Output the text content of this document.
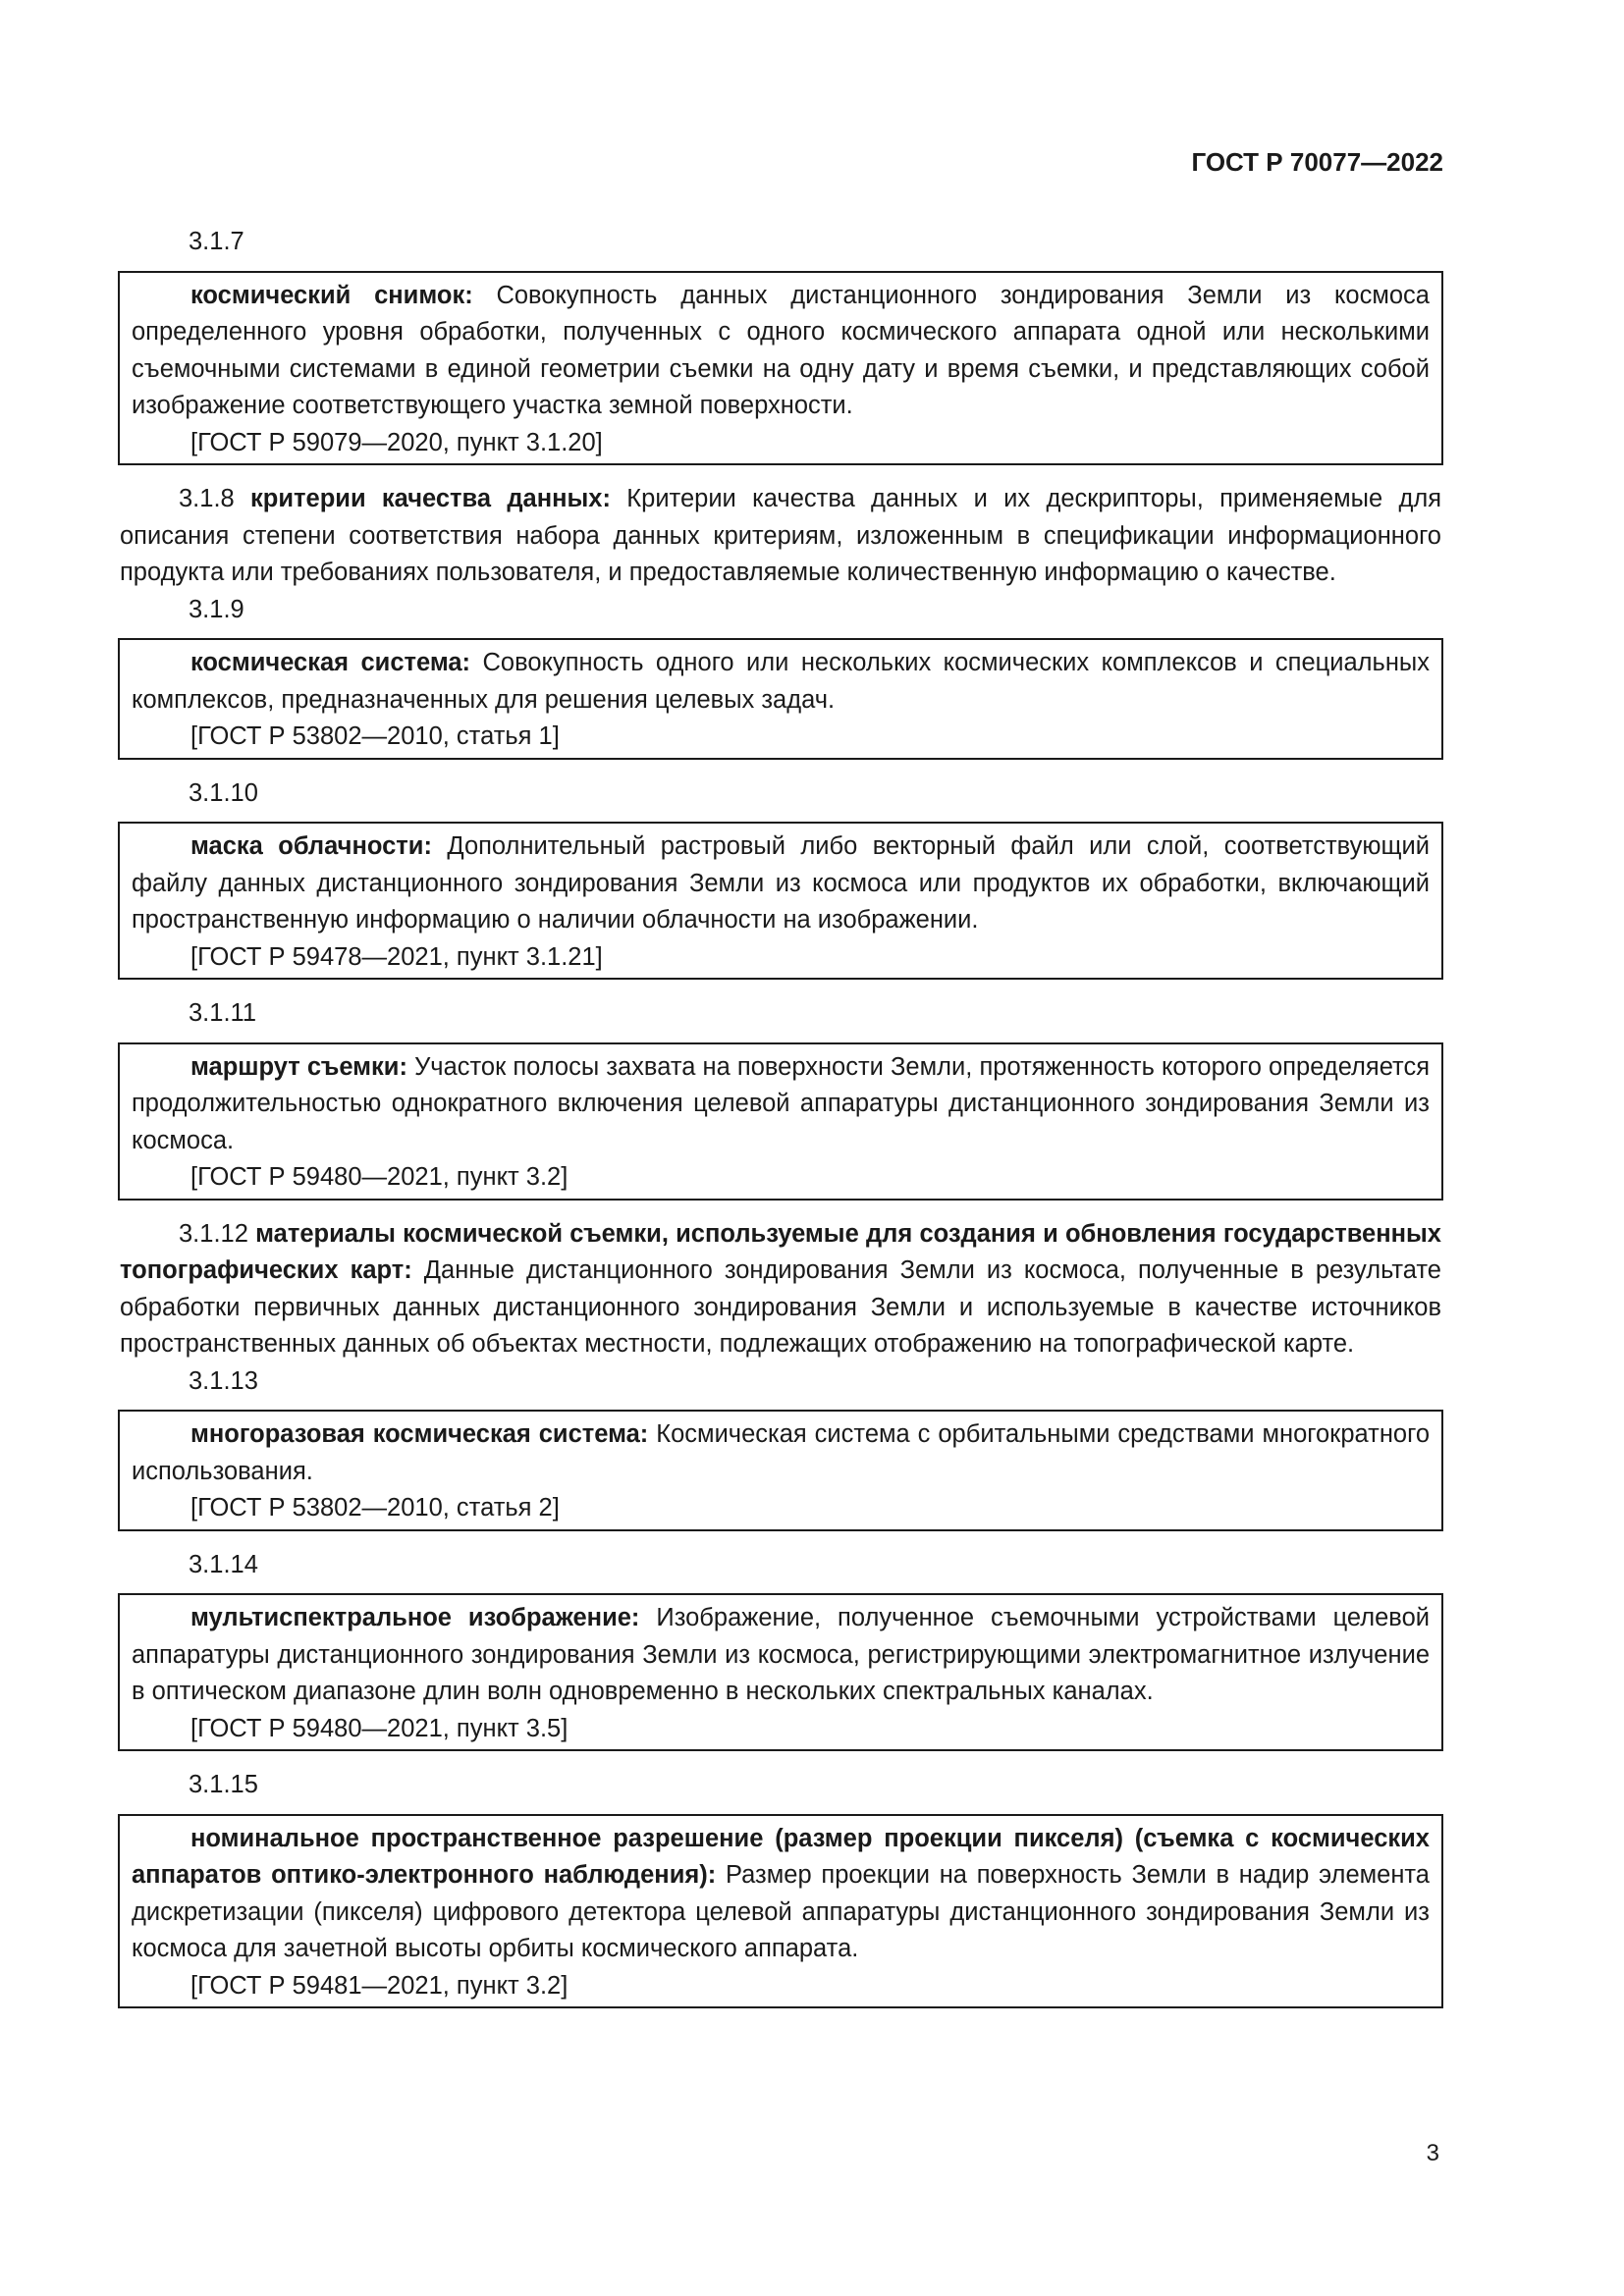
ГОСТ Р 70077—2022
3.1.7

космический снимок: Совокупность данных дистанционного зондирования Земли из космоса определенного уровня обработки, полученных с одного космического аппарата одной или несколькими съемочными системами в единой геометрии съемки на одну дату и время съемки, и представляющих собой изображение соответствующего участка земной поверхности.

[ГОСТ Р 59079—2020, пункт 3.1.20]

3.1.8 критерии качества данных: Критерии качества данных и их дескрипторы, применяемые для описания степени соответствия набора данных критериям, изложенным в спецификации информационного продукта или требованиях пользователя, и предоставляемые количественную информацию о качестве.

3.1.9

космическая система: Совокупность одного или нескольких космических комплексов и специальных комплексов, предназначенных для решения целевых задач.

[ГОСТ Р 53802—2010, статья 1]

3.1.10

маска облачности: Дополнительный растровый либо векторный файл или слой, соответствующий файлу данных дистанционного зондирования Земли из космоса или продуктов их обработки, включающий пространственную информацию о наличии облачности на изображении.

[ГОСТ Р 59478—2021, пункт 3.1.21]

3.1.11

маршрут съемки: Участок полосы захвата на поверхности Земли, протяженность которого определяется продолжительностью однократного включения целевой аппаратуры дистанционного зондирования Земли из космоса.

[ГОСТ Р 59480—2021, пункт 3.2]

3.1.12 материалы космической съемки, используемые для создания и обновления государственных топографических карт: Данные дистанционного зондирования Земли из космоса, полученные в результате обработки первичных данных дистанционного зондирования Земли и используемые в качестве источников пространственных данных об объектах местности, подлежащих отображению на топографической карте.

3.1.13

многоразовая космическая система: Космическая система с орбитальными средствами многократного использования.

[ГОСТ Р 53802—2010, статья 2]

3.1.14

мультиспектральное изображение: Изображение, полученное съемочными устройствами целевой аппаратуры дистанционного зондирования Земли из космоса, регистрирующими электромагнитное излучение в оптическом диапазоне длин волн одновременно в нескольких спектральных каналах.

[ГОСТ Р 59480—2021, пункт 3.5]

3.1.15

номинальное пространственное разрешение (размер проекции пикселя) (съемка с космических аппаратов оптико-электронного наблюдения): Размер проекции на поверхность Земли в надир элемента дискретизации (пикселя) цифрового детектора целевой аппаратуры дистанционного зондирования Земли из космоса для зачетной высоты орбиты космического аппарата.

[ГОСТ Р 59481—2021, пункт 3.2]

3
